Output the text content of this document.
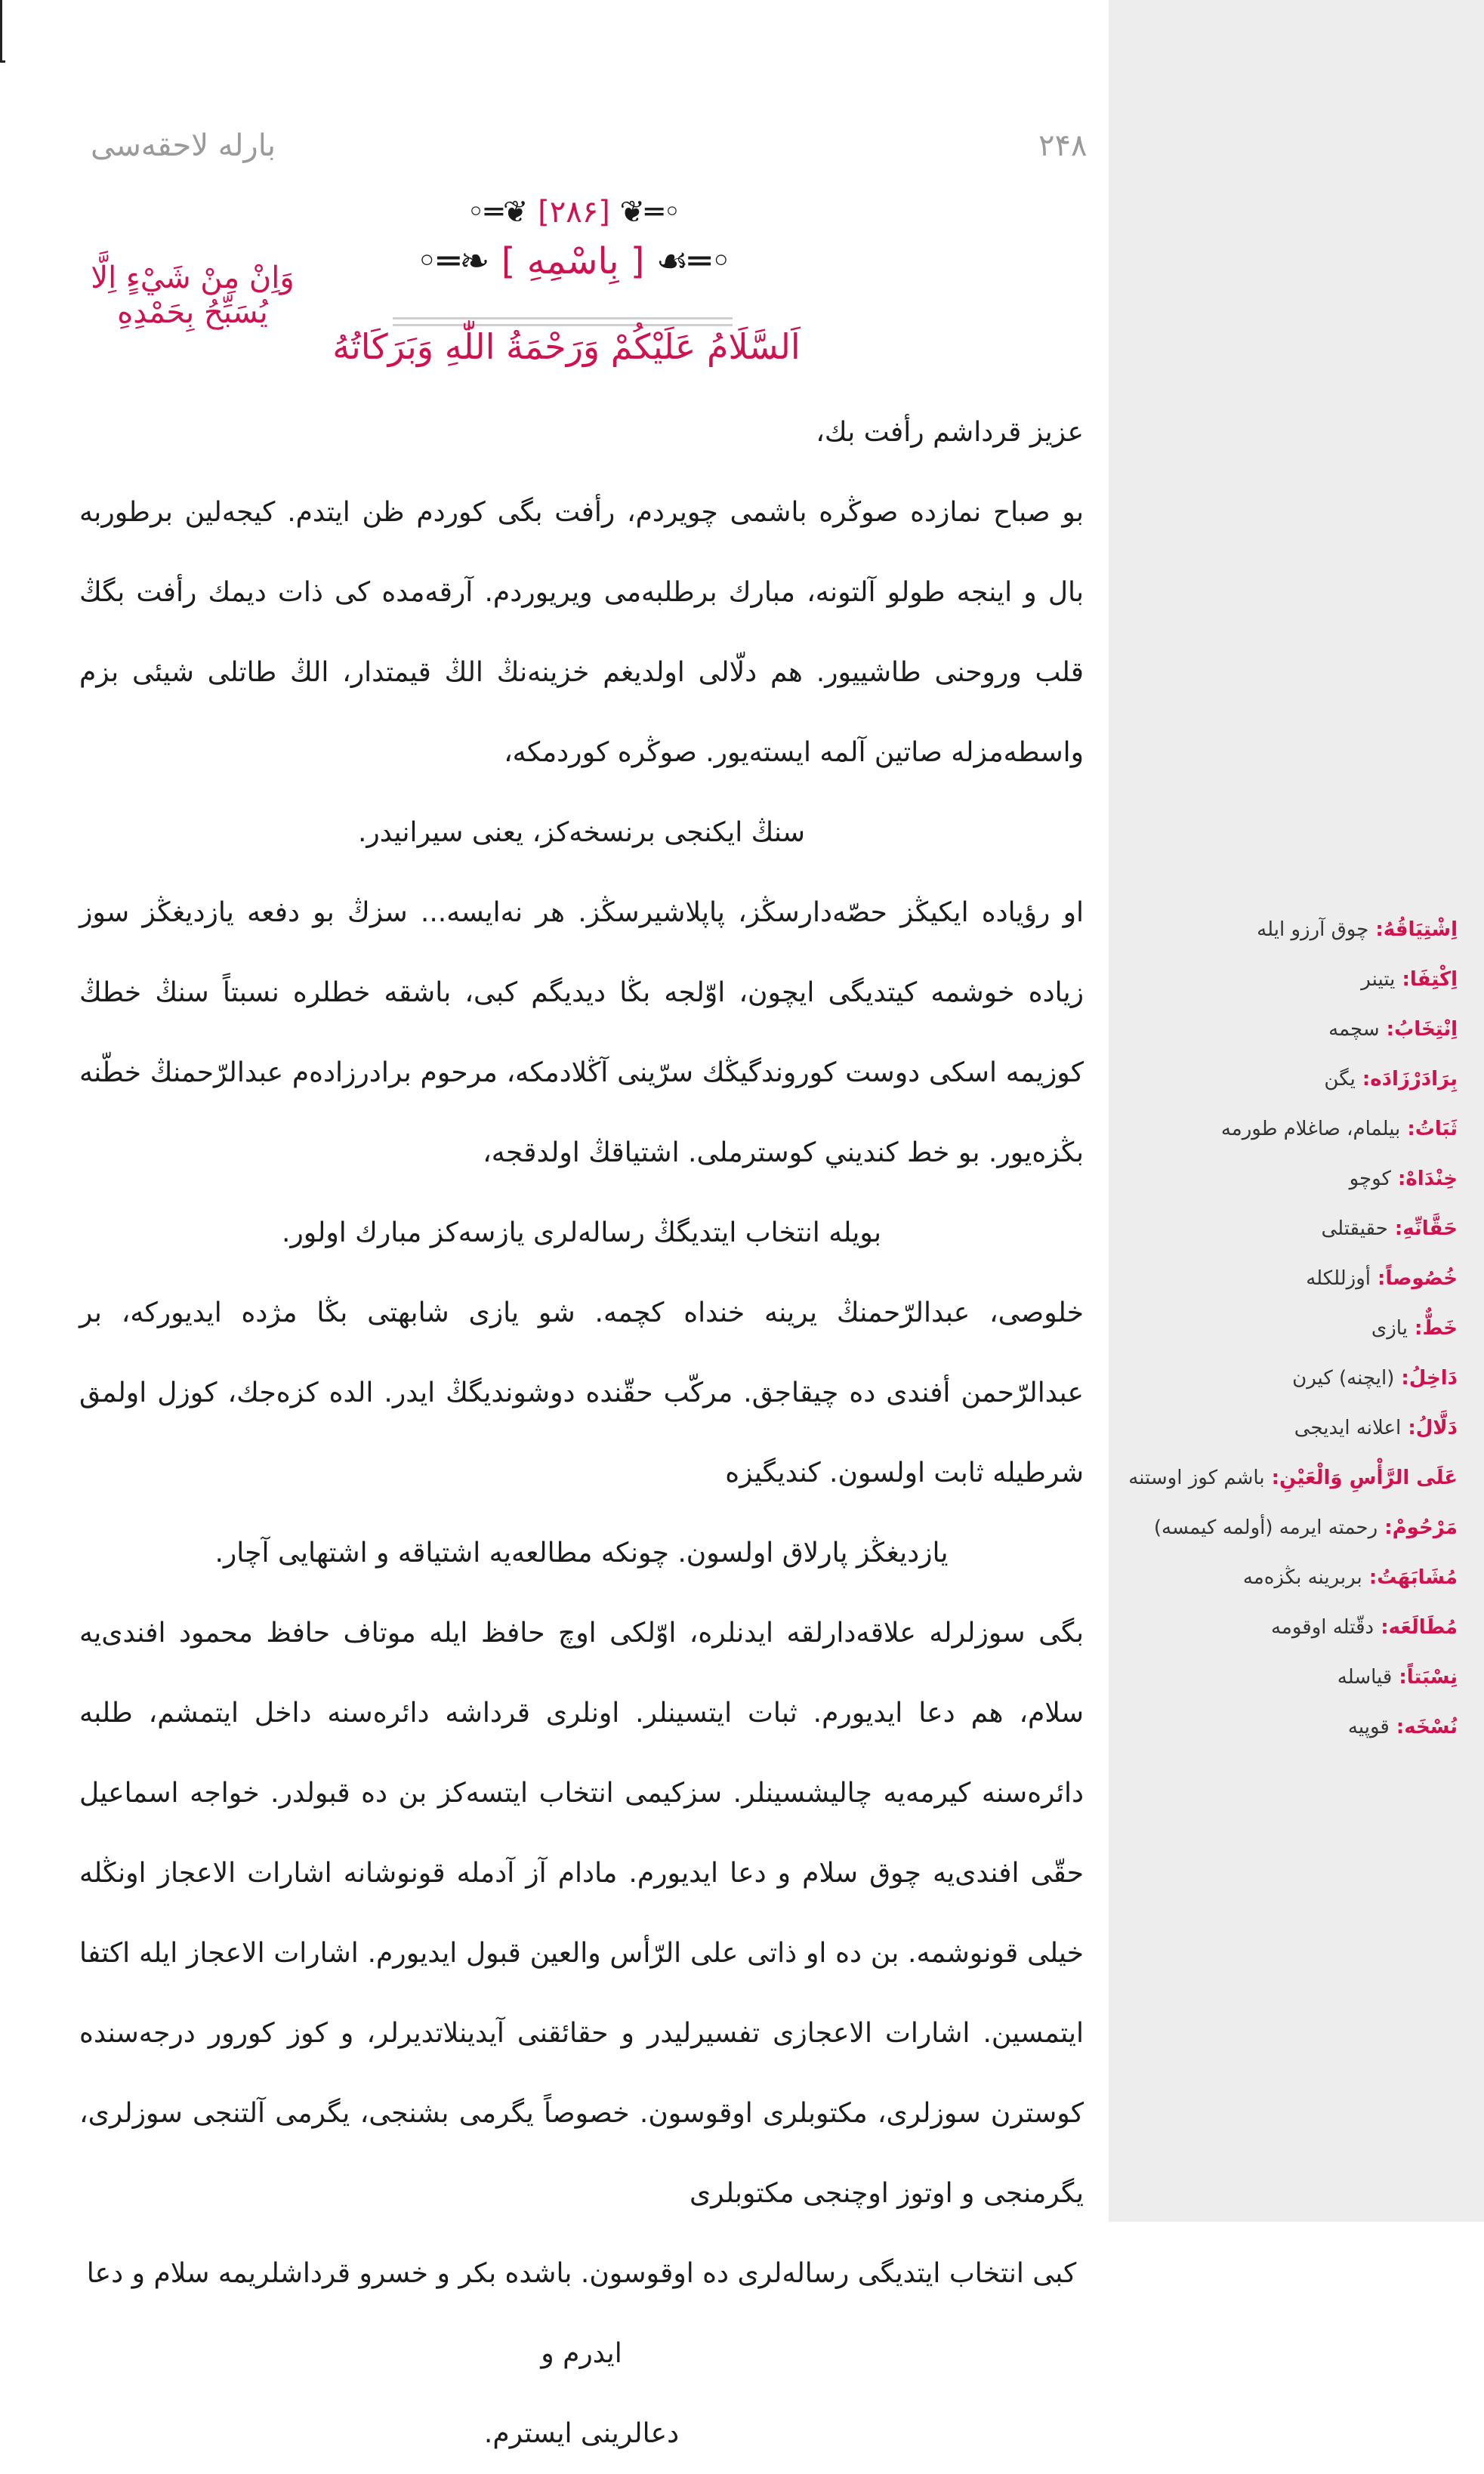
بارله لاحقه‌سی	۲۴۸
◦═❦ [۲۸۶] ❦═◦
◦═❧ [ بِاسْمِهِ ] ☙═◦
وَاِنْ مِنْ شَيْءٍ اِلَّا يُسَبِّحُ بِحَمْدِهِ
اَلسَّلَامُ عَلَيْكُمْ وَرَحْمَةُ اللّٰهِ وَبَرَكَاتُهُ

عزيز قرداشم رأفت بك،

بو صباح نمازده صوڭره باشمى چويردم، رأفت بگى كوردم ظن ايتدم. كيجه‌لين برطوربه بال و اينجه طولو آلتونه، مبارك برطلبه‌مى ويريوردم. آرقه‌مده كى ذات ديمك رأفت بگڭ قلب وروحنى طاشييور. هم دلّالى اولديغم خزينه‌نڭ الڭ قيمتدار، الڭ طاتلى شيئى بزم واسطه‌مزله صاتين آلمه ايسته‌يور. صوڭره كوردمكه،

سنڭ ايكنجى برنسخه‌كز، يعنى سيرانيدر.

او رؤياده ايكيڭز حصّه‌دارسڭز، پاپلاشيرسڭز. هر نه‌ايسه... سزڭ بو دفعه يازديغڭز سوز زياده خوشمه كيتديگى ايچون، اوّلجه بڭا ديديگم كبى، باشقه خطلره نسبتاً سنڭ خطڭ كوزيمه اسكى دوست كوروندگيڭك سرّينى آڭلادمكه، مرحوم برادرزاده‌م عبدالرّحمنڭ خطّنه بڭزه‌يور. بو خط كنديني كوسترملى. اشتياقڭ اولدقجه،

بويله انتخاب ايتديگڭ رساله‌لرى يازسه‌كز مبارك اولور.

خلوصى، عبدالرّحمنڭ يرينه خنداه كچمه. شو يازى شابهتى بڭا مژده ايديوركه، بر عبدالرّحمن أفندى ده چيقاجق. مركّب حقّنده دوشونديگڭ ايدر. الده كزه‌جك، كوزل اولمق شرطيله ثابت اولسون. كنديگيزه

يازديغڭز پارلاق اولسون. چونكه مطالعه‌يه اشتياقه و اشتهايى آچار.

بگى سوزلرله علاقه‌دارلقه ايدنلره، اوّلكى اوچ حافظ ايله موتاف حافظ محمود افندى‌يه سلام، هم دعا ايديورم. ثبات ايتسينلر. اونلرى قرداشه دائره‌سنه داخل ايتمشم، طلبه دائره‌سنه كيرمه‌يه چاليشسينلر. سزكيمى انتخاب ايتسه‌كز بن ده قبولدر. خواجه اسماعيل حقّى افندى‌يه چوق سلام و دعا ايديورم. مادام آز آدمله قونوشانه اشارات الاعجاز اونڭله خيلى قونوشمه. بن ده او ذاتى على الرّأس والعين قبول ايديورم. اشارات الاعجاز ايله اكتفا ايتمسين. اشارات الاعجازى تفسيرليدر و حقائقنى آيدينلاتديرلر، و كوز كورور درجه‌سنده كوسترن سوزلرى، مكتوبلرى اوقوسون. خصوصاً يگرمى بشنجى، يگرمى آلتنجى سوزلرى، يگرمنجى و اوتوز اوچنجى مكتوبلرى

كبى انتخاب ايتديگى رساله‌لرى ده اوقوسون. باشده بكر و خسرو قرداشلريمه سلام و دعا ايدرم و

دعالرينى ايسترم.

اِشْتِيَاقُهُ: چوق آرزو ايله
اِكْتِفَا: يتينر
اِنْتِخَابُ: سچمه
بِرَادَرْزَادَه: يگن
ثَبَاتُ: بيلمام، صاغلام طورمه
خِنْدَاهْ: كوچو
حَقَّانِّهِ: حقيقتلى
خُصُوصاً: أوزللكله
خَطٌّ: يازى
دَاخِلُ: (ايچنه) كيرن
دَلَّالُ: اعلانه ايديجى
عَلَى الرَّأْسِ وَالْعَيْنِ: باشم كوز اوستنه
مَرْحُومْ: رحمته ايرمه (أولمه كيمسه)
مُشَابَهَتُ: بربرينه بڭزه‌مه
مُطَالَعَه: دقّتله اوقومه
نِسْبَتاً: قياسله
نُسْخَه: قوپيه
